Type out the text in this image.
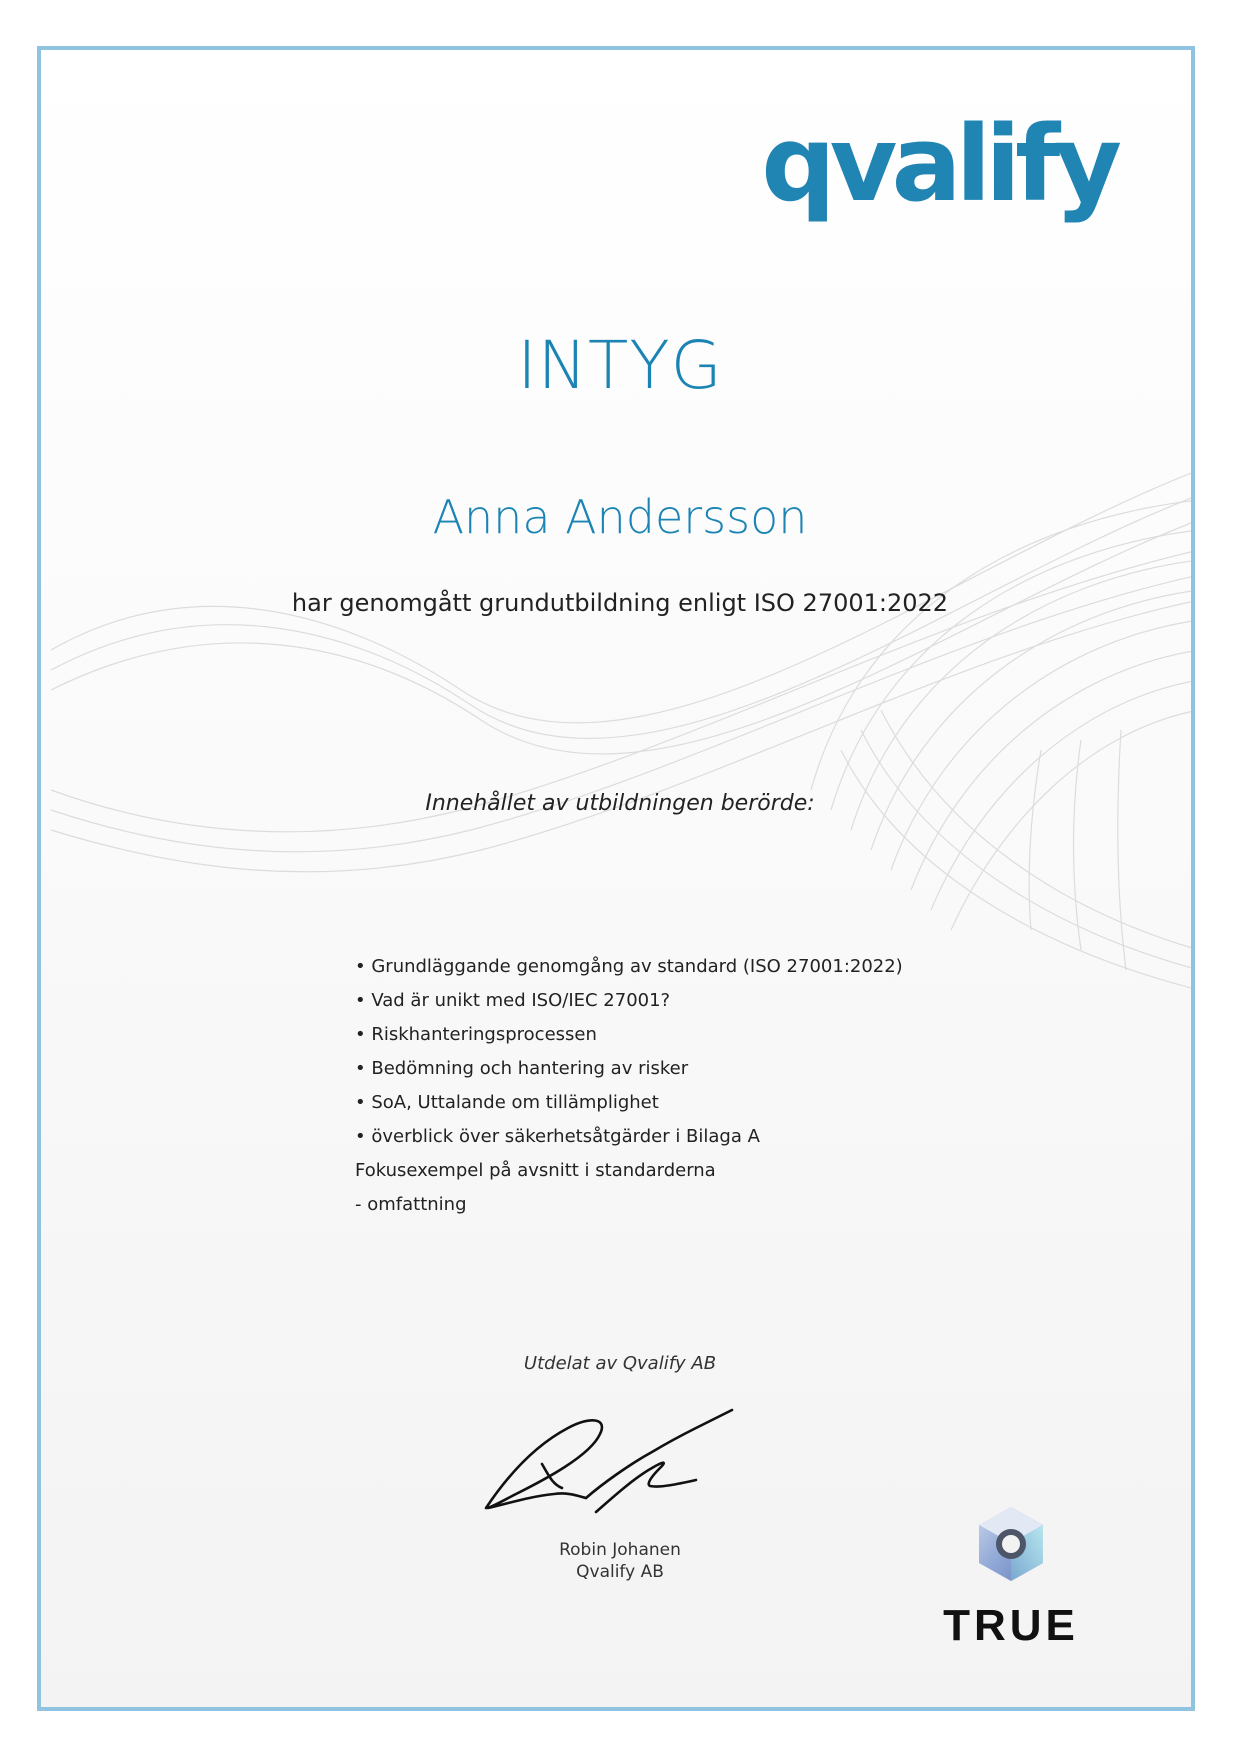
qvalify
INTYG
Anna Andersson
har genomgått grundutbildning enligt ISO 27001:2022
Innehållet av utbildningen berörde:
• Grundläggande genomgång av standard (ISO 27001:2022)
• Vad är unikt med ISO/IEC 27001?
• Riskhanteringsprocessen
• Bedömning och hantering av risker
• SoA, Uttalande om tillämplighet
• överblick över säkerhetsåtgärder i Bilaga A
Fokusexempel på avsnitt i standarderna
- omfattning
Utdelat av Qvalify AB
Robin Johanen
Qvalify AB
TRUE
